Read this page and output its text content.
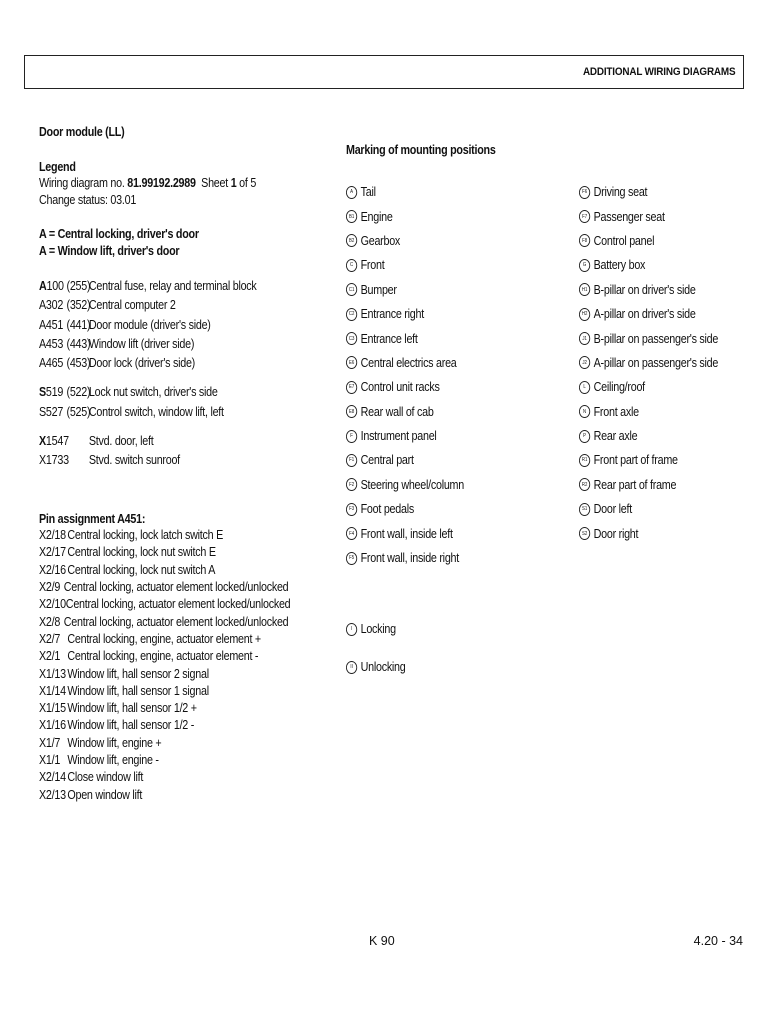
ADDITIONAL WIRING DIAGRAMS
Door module (LL)
Legend
Wiring diagram no. 81.99192.2989 Sheet 1 of 5
Change status: 03.01
A = Central locking, driver's door
A = Window lift, driver's door
A100 (255)
Central fuse, relay and terminal block
A302 (352)
Central computer 2
A451 (441)
Door module (driver's side)
A453 (443)
Window lift (driver side)
A465 (453)
Door lock (driver's side)
S519 (522)
Lock nut switch, driver's side
S527 (525)
Control switch, window lift, left
X1547 Stvd. door, left
X1733 Stvd. switch sunroof
Pin assignment A451:
X2/18 Central locking, lock latch switch E
X2/17 Central locking, lock nut switch E
X2/16 Central locking, lock nut switch A
X2/9 Central locking, actuator element locked/unlocked
X2/10 Central locking, actuator element locked/unlocked
X2/8 Central locking, actuator element locked/unlocked
X2/7 Central locking, engine, actuator element +
X2/1 Central locking, engine, actuator element -
X1/13 Window lift, hall sensor 2 signal
X1/14 Window lift, hall sensor 1 signal
X1/15 Window lift, hall sensor 1/2 +
X1/16 Window lift, hall sensor 1/2 -
X1/7 Window lift, engine +
X1/1 Window lift, engine -
X2/14 Close window lift
X2/13 Open window lift
Marking of mounting positions
A Tail
B1 Engine
B2 Gearbox
C Front
C1 Bumper
C2 Entrance right
C3 Entrance left
E6 Central electrics area
E7 Control unit racks
E8 Rear wall of cab
F Instrument panel
F1 Central part
F2 Steering wheel/column
F3 Foot pedals
F4 Front wall, inside left
F5 Front wall, inside right
F6 Driving seat
F7 Passenger seat
F8 Control panel
G Battery box
H1 B-pillar on driver's side
H2 A-pillar on driver's side
J1 B-pillar on passenger's side
J2 A-pillar on passenger's side
L Ceiling/roof
N Front axle
P Rear axle
R1 Front part of frame
R2 Rear part of frame
S1 Door left
S2 Door right
I Locking
II Unlocking
K 90	4.20 - 34
